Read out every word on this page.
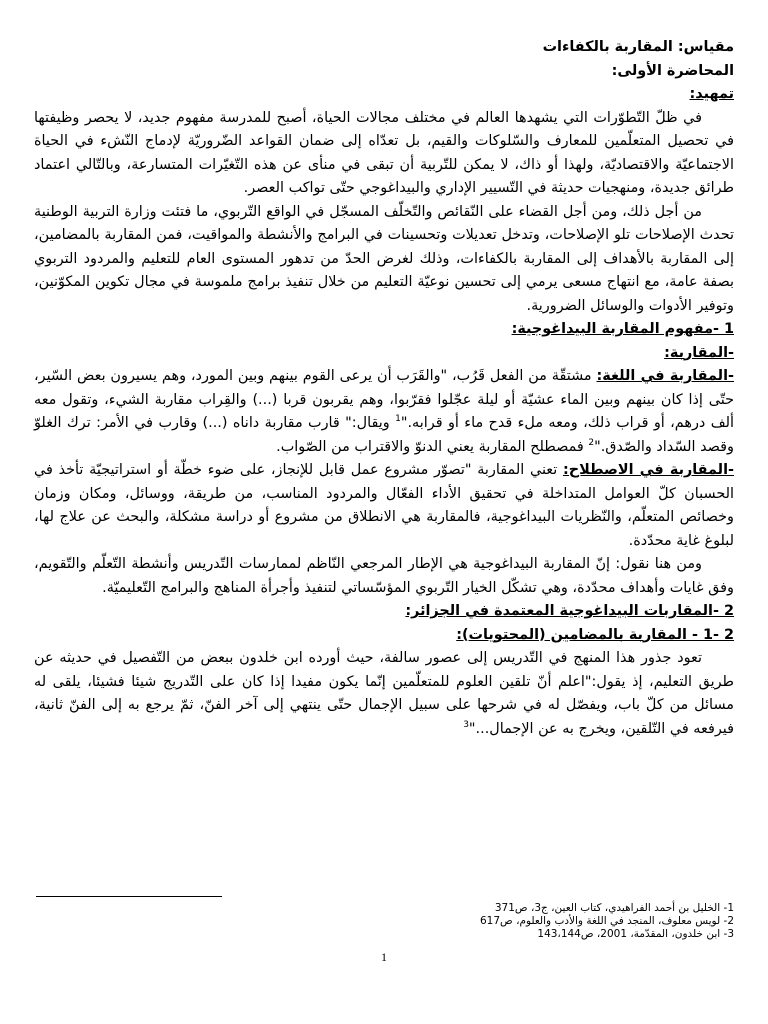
مقياس: المقاربة بالكفاءات
المحاضرة الأولى:
تمهيد:
في ظلّ التّطوّرات التي يشهدها العالم في مختلف مجالات الحياة، أصبح للمدرسة مفهوم جديد، لا يحصر وظيفتها في تحصيل المتعلّمين للمعارف والسّلوكات والقيم، بل تعدّاه إلى ضمان القواعد الضّروريّة لإدماج النّشء في الحياة الاجتماعيّة والاقتصاديّة، ولهذا أو ذاك، لا يمكن للتّربية أن تبقى في منأى عن هذه التّغيّرات المتسارعة، وبالتّالي اعتماد طرائق جديدة، ومنهجيات حديثة في التّسيير الإداري والبيداغوجي حتّى تواكب العصر.
من أجل ذلك، ومن أجل القضاء على النّقائص والتّخلّف المسجّل في الواقع التّربوي، ما فتئت وزارة التربية الوطنية تحدث الإصلاحات تلو الإصلاحات، وتدخل تعديلات وتحسينات في البرامج والأنشطة والمواقيت، فمن المقاربة بالمضامين، إلى المقاربة بالأهداف إلى المقاربة بالكفاءات، وذلك لغرض الحدّ من تدهور المستوى العام للتعليم والمردود التربوي بصفة عامة، مع انتهاج مسعى يرمي إلى تحسين نوعيّة التعليم من خلال تنفيذ برامج ملموسة في مجال تكوين المكوّنين، وتوفير الأدوات والوسائل الضرورية.
1 -مفهوم المقاربة البيداغوجية:
-المقاربة:
-المقاربة في اللغة: مشتقّة من الفعل قَرُب، "والقَرَب أن يرعى القوم بينهم وبين المورد، وهم يسيرون بعض السّير، حتّى إذا كان بينهم وبين الماء عشيّة أو ليلة عجّلوا فقرّبوا، وهم يقربون قربا (...) والقِراب مقاربة الشيء، وتقول معه ألف درهم، أو قراب ذلك، ومعه ملء قدح ماء أو قرابه."$^1$ ويقال:" قارب مقاربة داناه (...) وقارب في الأمر: ترك الغلوّ وقصد السّداد والصّدق."$^2$ فمصطلح المقاربة يعني الدنوّ والاقتراب من الصّواب.
-المقاربة في الاصطلاح: تعني المقاربة "تصوّر مشروع عمل قابل للإنجاز، على ضوء خطّة أو استراتيجيّة تأخذ في الحسبان كلّ العوامل المتداخلة في تحقيق الأداء الفعّال والمردود المناسب، من طريقة، ووسائل، ومكان وزمان وخصائص المتعلّم، والنّظريات البيداغوجية، فالمقاربة هي الانطلاق من مشروع أو دراسة مشكلة، والبحث عن علاج لها، لبلوغ غاية محدّدة.
ومن هنا نقول: إنّ المقاربة البيداغوجية هي الإطار المرجعي النّاظم لممارسات التّدريس وأنشطة التّعلّم والتّقويم، وفق غايات وأهداف محدّدة، وهي تشكّل الخيار التّربوي المؤسّساتي لتنفيذ وأجرأة المناهج والبرامج التّعليميّة.
2 -المقاربات البيداغوجية المعتمدة في الجزائر:
2 -1 - المقاربة بالمضامين (المحتويات):
تعود جذور هذا المنهج في التّدريس إلى عصور سالفة، حيث أورده ابن خلدون ببعض من التّفصيل في حديثه عن طريق التعليم، إذ يقول:"اعلم أنّ تلقين العلوم للمتعلّمين إنّما يكون مفيدا إذا كان على التّدريج شيئا فشيئا، يلقى له مسائل من كلّ باب، ويفصّل له في شرحها على سبيل الإجمال حتّى ينتهي إلى آخر الفنّ، ثمّ يرجع به إلى الفنّ ثانية، فيرفعه في التّلقين، ويخرج به عن الإجمال..."$^3$
1- الخليل بن أحمد الفراهيدي، كتاب العين، ج3، ص371
2- لويس معلوف، المنجد في اللغة والأدب والعلوم، ص617
3- ابن خلدون، المقدّمة، 2001، ص143،144
1
